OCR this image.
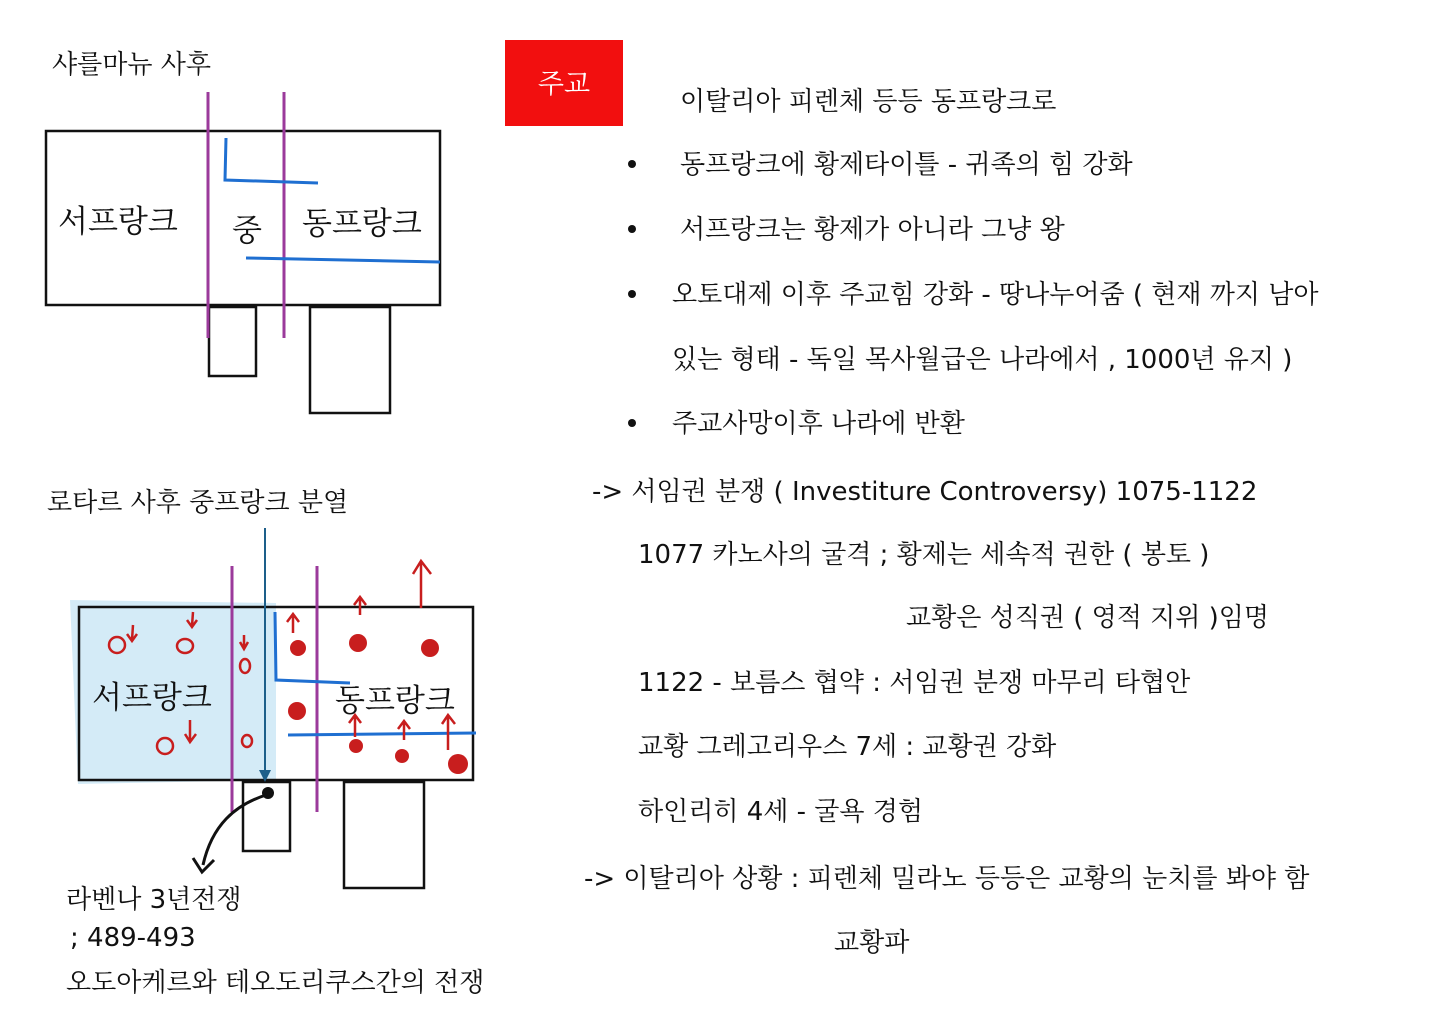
샤를마뉴 사후
서프랑크 중 동프랑크
로타르 사후 중프랑크 분열
서프랑크	동프랑크
라벤나 3년전쟁
; 489-493
오도아케르와 테오도리쿠스간의 전쟁
주교
이탈리아 피렌체 등등 동프랑크로
동프랑크에 황제타이틀 - 귀족의 힘 강화
서프랑크는 황제가 아니라 그냥 왕
오토대제 이후 주교힘 강화 - 땅나누어줌 ( 현재 까지 남아
있는 형태 - 독일 목사월급은 나라에서 , 1000년 유지 )
주교사망이후 나라에 반환
-> 서임권 분쟁 ( Investiture Controversy) 1075-1122
1077 카노사의 굴격 ; 황제는 세속적 권한 ( 봉토 )
교황은 성직권 ( 영적 지위 )임명
1122 - 보름스 협약 : 서임권 분쟁 마무리 타협안
교황 그레고리우스 7세 : 교황권 강화
하인리히 4세 - 굴욕 경험
-> 이탈리아 상황 : 피렌체 밀라노 등등은 교황의 눈치를 봐야 함
교황파
